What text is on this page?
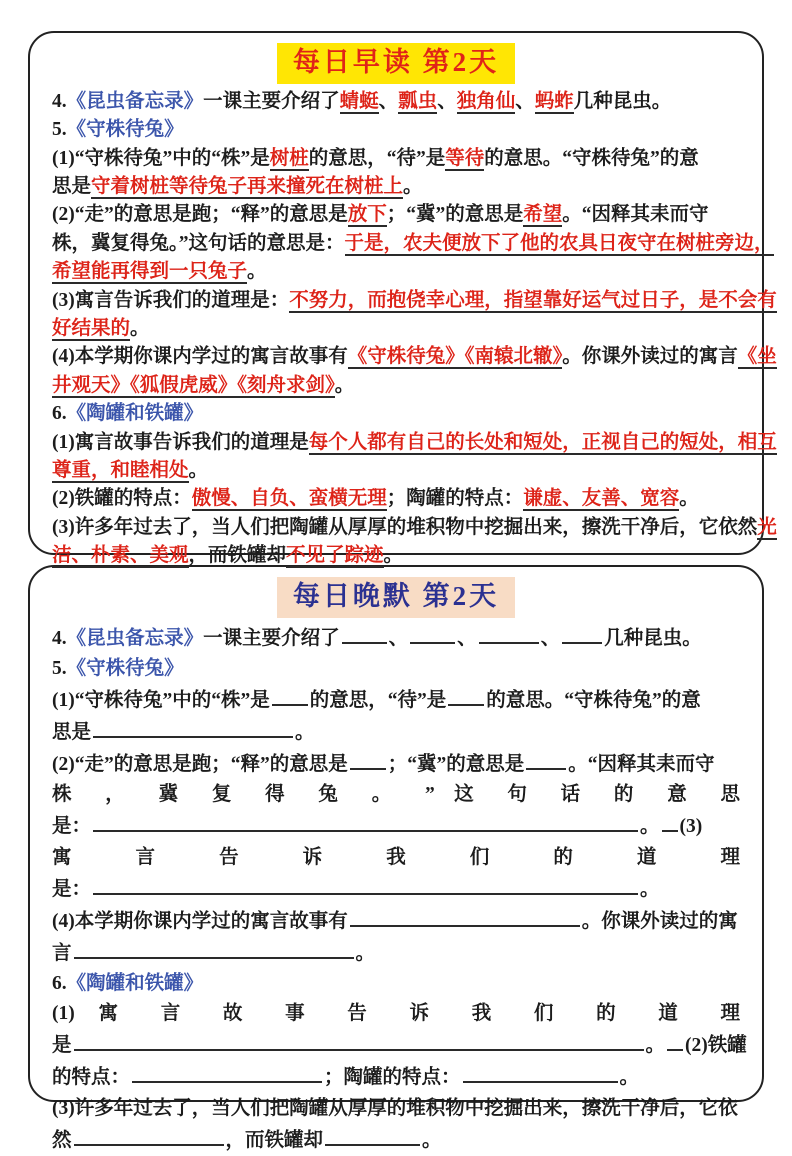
每日早读 第2天
4.《昆虫备忘录》一课主要介绍了蜻蜓、瓢虫、独角仙、蚂蚱几种昆虫。
5.《守株待兔》
(1)“守株待兔”中的“株”是树桩的意思，“待”是等待的意思。“守株待兔”的意
思是守着树桩等待兔子再来撞死在树桩上。
(2)“走”的意思是跑；“释”的意思是放下；“冀”的意思是希望。“因释其耒而守
株，冀复得兔。”这句话的意思是：于是，农夫便放下了他的农具日夜守在树桩旁边，
希望能再得到一只兔子。
(3)寓言告诉我们的道理是：不努力，而抱侥幸心理，指望靠好运气过日子，是不会有
好结果的。
(4)本学期你课内学过的寓言故事有《守株待兔》《南辕北辙》。你课外读过的寓言《坐
井观天》《狐假虎威》《刻舟求剑》。
6.《陶罐和铁罐》
(1)寓言故事告诉我们的道理是每个人都有自己的长处和短处，正视自己的短处，相互
尊重，和睦相处。
(2)铁罐的特点：傲慢、自负、蛮横无理；陶罐的特点：谦虚、友善、宽容。
(3)许多年过去了，当人们把陶罐从厚厚的堆积物中挖掘出来，擦洗干净后，它依然光
洁、朴素、美观，而铁罐却不见了踪迹。
每日晚默 第2天
4.《昆虫备忘录》一课主要介绍了	、	、	、 几种昆虫。
5.《守株待兔》
(1)“守株待兔”中的“株”是 的意思，“待”是 的意思。“守株待兔”的意
思是	。
(2)“走”的意思是跑；“释”的意思是 ；“冀”的意思是 。“因释其耒而守
株 ， 冀 复 得 兔 。 ” 这 句 话 的 意 思
是：	。 (3)
寓 言 告 诉 我 们 的 道 理
是：	。
(4)本学期你课内学过的寓言故事有	。你课外读过的寓
言	。
6.《陶罐和铁罐》
(1) 寓 言 故 事 告 诉 我 们 的 道 理
是	。 (2)铁罐
的特点：	；陶罐的特点：	。
(3)许多年过去了，当人们把陶罐从厚厚的堆积物中挖掘出来，擦洗干净后，它依
然	，而铁罐却	。
